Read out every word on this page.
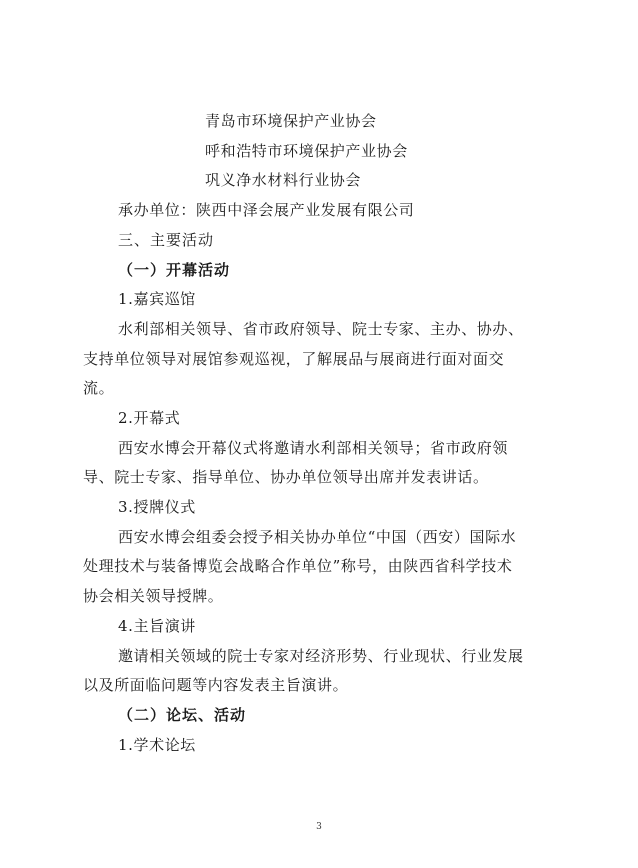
青岛市环境保护产业协会
呼和浩特市环境保护产业协会
巩义净水材料行业协会
承办单位：陕西中泽会展产业发展有限公司
三、主要活动
（一）开幕活动
1.嘉宾巡馆
水利部相关领导、省市政府领导、院士专家、主办、协办、
支持单位领导对展馆参观巡视，了解展品与展商进行面对面交
流。
2.开幕式
西安水博会开幕仪式将邀请水利部相关领导；省市政府领
导、院士专家、指导单位、协办单位领导出席并发表讲话。
3.授牌仪式
西安水博会组委会授予相关协办单位“中国（西安）国际水
处理技术与装备博览会战略合作单位”称号，由陕西省科学技术
协会相关领导授牌。
4.主旨演讲
邀请相关领域的院士专家对经济形势、行业现状、行业发展
以及所面临问题等内容发表主旨演讲。
（二）论坛、活动
1.学术论坛
3
